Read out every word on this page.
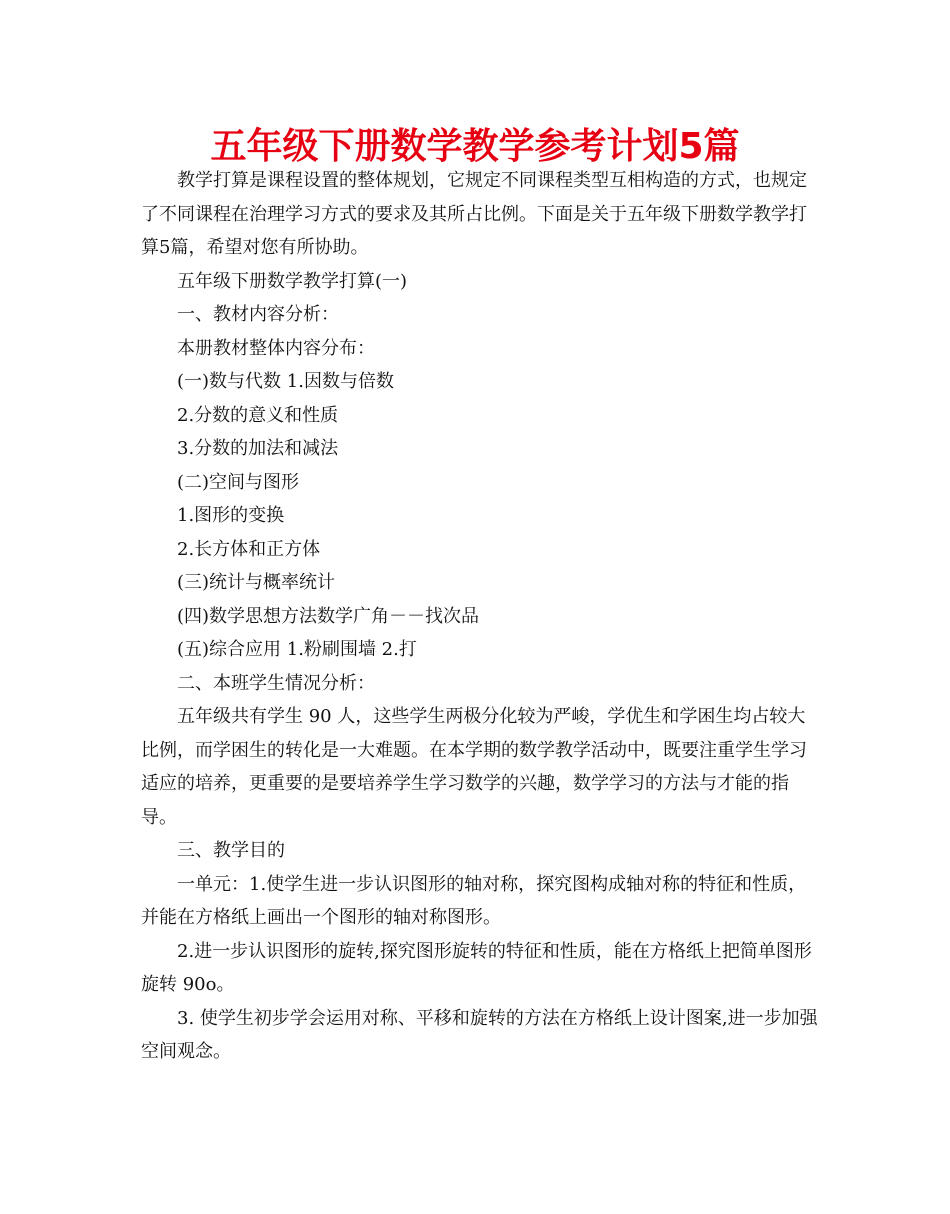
五年级下册数学教学参考计划5篇

教学打算是课程设置的整体规划，它规定不同课程类型互相构造的方式，也规定了不同课程在治理学习方式的要求及其所占比例。下面是关于五年级下册数学教学打算5篇，希望对您有所协助。

五年级下册数学教学打算(一)

一、教材内容分析：

本册教材整体内容分布：

(一)数与代数 1.因数与倍数

2.分数的意义和性质

3.分数的加法和减法

(二)空间与图形

1.图形的变换

2.长方体和正方体

(三)统计与概率统计

(四)数学思想方法数学广角－－找次品

(五)综合应用 1.粉刷围墙 2.打

二、本班学生情况分析：

五年级共有学生 90 人，这些学生两极分化较为严峻，学优生和学困生均占较大比例，而学困生的转化是一大难题。在本学期的数学教学活动中，既要注重学生学习适应的培养，更重要的是要培养学生学习数学的兴趣，数学学习的方法与才能的指导。

三、教学目的

一单元：1.使学生进一步认识图形的轴对称，探究图构成轴对称的特征和性质，并能在方格纸上画出一个图形的轴对称图形。

2.进一步认识图形的旋转,探究图形旋转的特征和性质，能在方格纸上把简单图形旋转 90o。

3. 使学生初步学会运用对称、平移和旋转的方法在方格纸上设计图案,进一步加强空间观念。
